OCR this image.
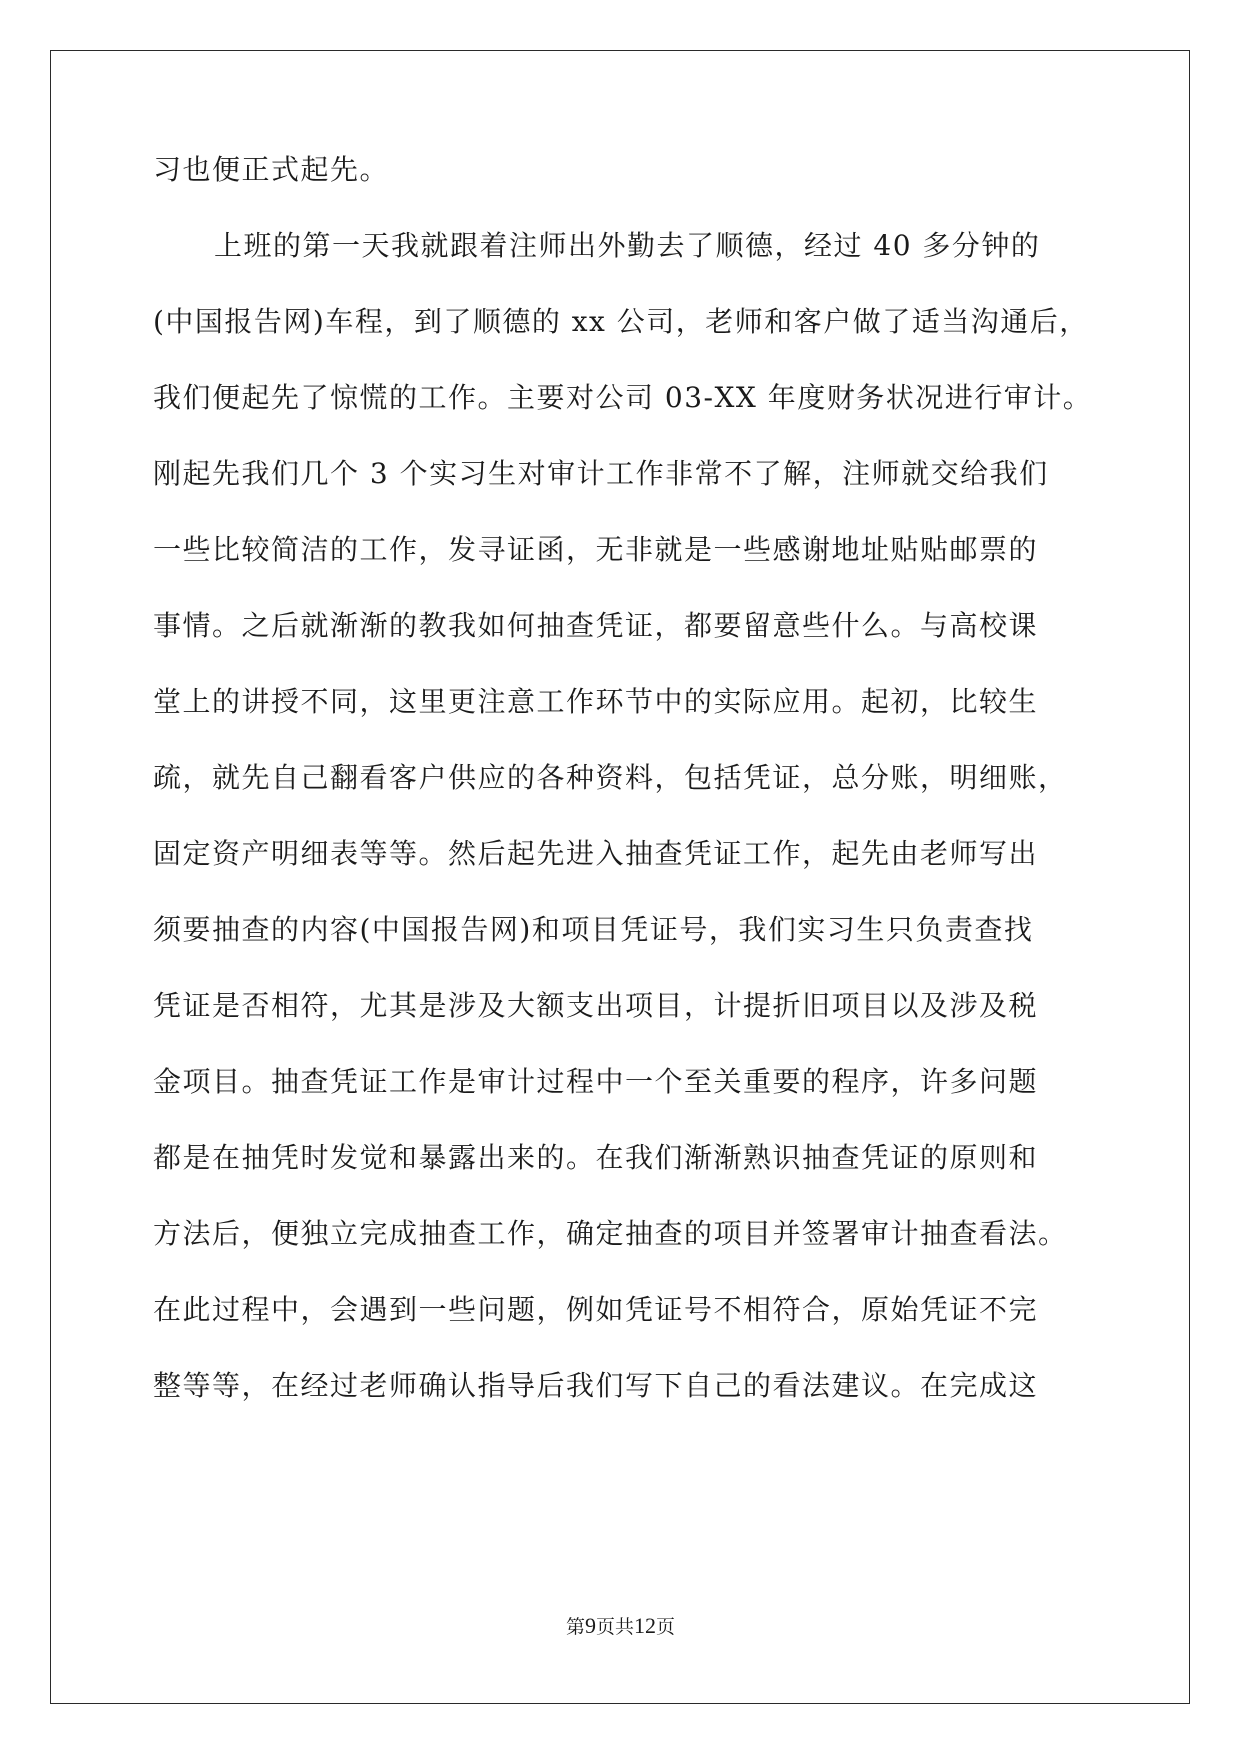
习也便正式起先。
上班的第一天我就跟着注师出外勤去了顺德，经过 40 多分钟的
(中国报告网)车程，到了顺德的 xx 公司，老师和客户做了适当沟通后，
我们便起先了惊慌的工作。主要对公司 03-XX 年度财务状况进行审计。
刚起先我们几个 3 个实习生对审计工作非常不了解，注师就交给我们
一些比较简洁的工作，发寻证函，无非就是一些感谢地址贴贴邮票的
事情。之后就渐渐的教我如何抽查凭证，都要留意些什么。与高校课
堂上的讲授不同，这里更注意工作环节中的实际应用。起初，比较生
疏，就先自己翻看客户供应的各种资料，包括凭证，总分账，明细账，
固定资产明细表等等。然后起先进入抽查凭证工作，起先由老师写出
须要抽查的内容(中国报告网)和项目凭证号，我们实习生只负责查找
凭证是否相符，尤其是涉及大额支出项目，计提折旧项目以及涉及税
金项目。抽查凭证工作是审计过程中一个至关重要的程序，许多问题
都是在抽凭时发觉和暴露出来的。在我们渐渐熟识抽查凭证的原则和
方法后，便独立完成抽查工作，确定抽查的项目并签署审计抽查看法。
在此过程中，会遇到一些问题，例如凭证号不相符合，原始凭证不完
整等等，在经过老师确认指导后我们写下自己的看法建议。在完成这
第9页共12页
